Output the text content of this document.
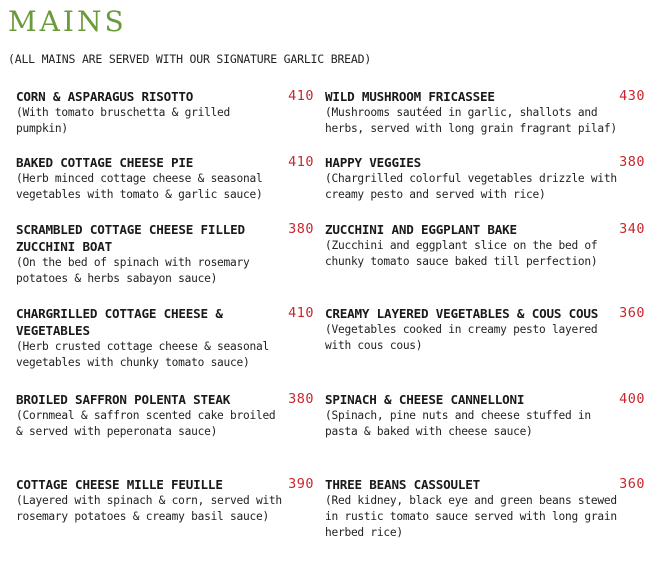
MAINS
(ALL MAINS ARE SERVED WITH OUR SIGNATURE GARLIC BREAD)
CORN & ASPARAGUS RISOTTO	410
(With tomato bruschetta & grilled pumpkin)
BAKED COTTAGE CHEESE PIE	410
(Herb minced cottage cheese & seasonal vegetables with tomato & garlic sauce)
SCRAMBLED COTTAGE CHEESE FILLED ZUCCHINI BOAT
380
(On the bed of spinach with rosemary potatoes & herbs sabayon sauce)
CHARGRILLED COTTAGE CHEESE & VEGETABLES
410
(Herb crusted cottage cheese & seasonal vegetables with chunky tomato sauce)
BROILED SAFFRON POLENTA STEAK	380
(Cornmeal & saffron scented cake broiled & served with peperonata sauce)
COTTAGE CHEESE MILLE FEUILLE	390
(Layered with spinach & corn, served with rosemary potatoes & creamy basil sauce)
WILD MUSHROOM FRICASSEE	430
(Mushrooms sautéed in garlic, shallots and herbs, served with long grain fragrant pilaf)
HAPPY VEGGIES	380
(Chargrilled colorful vegetables drizzle with creamy pesto and served with rice)
ZUCCHINI AND EGGPLANT BAKE	340
(Zucchini and eggplant slice on the bed of chunky tomato sauce baked till perfection)
CREAMY LAYERED VEGETABLES & COUS COUS	360
(Vegetables cooked in creamy pesto layered with cous cous)
SPINACH & CHEESE CANNELLONI	400
(Spinach, pine nuts and cheese stuffed in pasta & baked with cheese sauce)
THREE BEANS CASSOULET	360
(Red kidney, black eye and green beans stewed in rustic tomato sauce served with long grain herbed rice)
